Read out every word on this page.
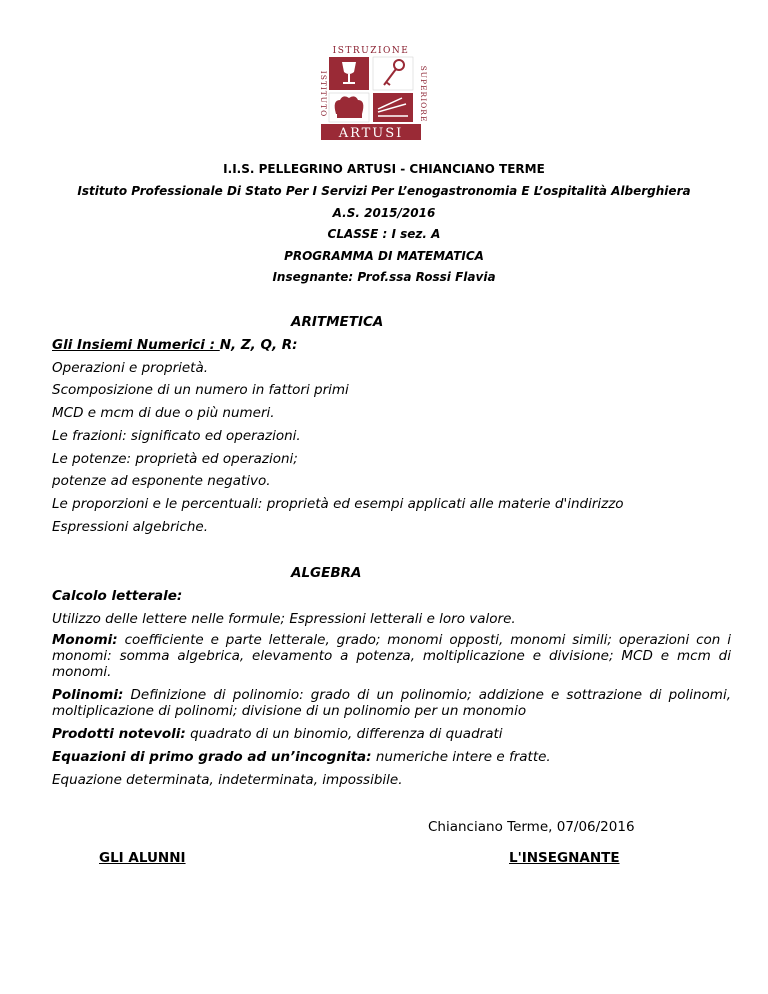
ISTRUZIONE
ISTITUTO	SUPERIORE
ARTUSI
I.I.S. PELLEGRINO ARTUSI - CHIANCIANO TERME
Istituto Professionale Di Stato Per I Servizi Per L’enogastronomia E L’ospitalità Alberghiera
A.S. 2015/2016
CLASSE : I sez. A
PROGRAMMA DI MATEMATICA
Insegnante: Prof.ssa Rossi Flavia
ARITMETICA
Gli Insiemi Numerici : N, Z, Q, R:
Operazioni e proprietà.
Scomposizione di un numero in fattori primi
MCD e mcm di due o più numeri.
Le frazioni: significato ed operazioni.
Le potenze: proprietà ed operazioni;
potenze ad esponente negativo.
Le proporzioni e le percentuali: proprietà ed esempi applicati alle materie d'indirizzo
Espressioni algebriche.
ALGEBRA
Calcolo letterale:
Utilizzo delle lettere nelle formule; Espressioni letterali e loro valore.
Monomi: coefficiente e parte letterale, grado; monomi opposti, monomi simili; operazioni con i monomi: somma algebrica, elevamento a potenza, moltiplicazione e divisione; MCD e mcm di monomi.
Polinomi: Definizione di polinomio: grado di un polinomio; addizione e sottrazione di polinomi, moltiplicazione di polinomi; divisione di un polinomio per un monomio
Prodotti notevoli: quadrato di un binomio, differenza di quadrati
Equazioni di primo grado ad un’incognita: numeriche intere e fratte.
Equazione determinata, indeterminata, impossibile.
Chianciano Terme, 07/06/2016
GLI ALUNNI	L'INSEGNANTE
